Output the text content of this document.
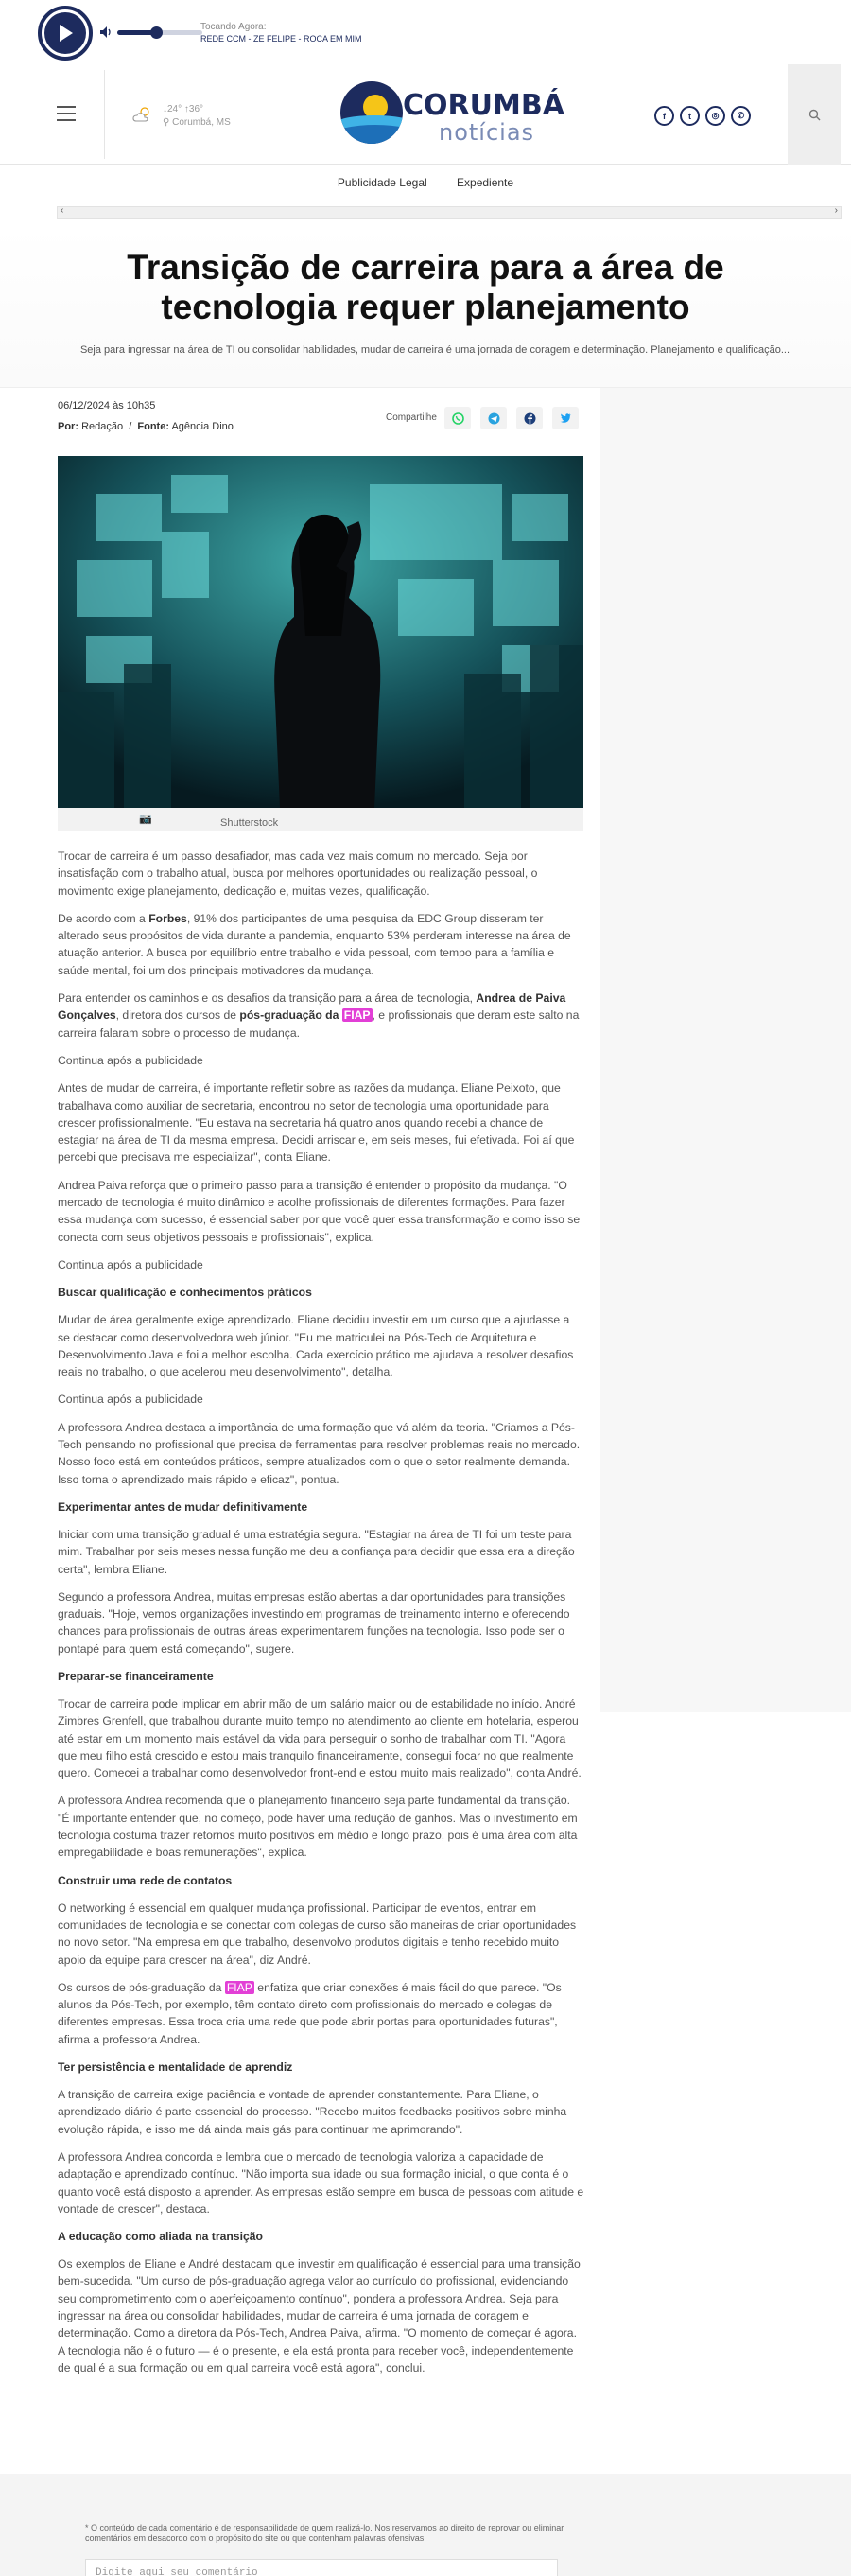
Tocando Agora:
REDE CCM - ZE FELIPE - ROCA EM MIM
↓24° ↑36°
⚲ Corumbá, MS
CORUMBÁ
notícias
f	t	◎	✆
Publicidade Legal	Expediente
‹	›
Transição de carreira para a área de tecnologia requer planejamento
Seja para ingressar na área de TI ou consolidar habilidades, mudar de carreira é uma jornada de coragem e determinação. Planejamento e qualificação...
06/12/2024 às 10h35
Por: Redação  /  Fonte: Agência Dino
Compartilhe
📷	Shutterstock

Trocar de carreira é um passo desafiador, mas cada vez mais comum no mercado. Seja por insatisfação com o trabalho atual, busca por melhores oportunidades ou realização pessoal, o movimento exige planejamento, dedicação e, muitas vezes, qualificação.

De acordo com a Forbes, 91% dos participantes de uma pesquisa da EDC Group disseram ter alterado seus propósitos de vida durante a pandemia, enquanto 53% perderam interesse na área de atuação anterior. A busca por equilíbrio entre trabalho e vida pessoal, com tempo para a família e saúde mental, foi um dos principais motivadores da mudança.

Para entender os caminhos e os desafios da transição para a área de tecnologia, Andrea de Paiva Gonçalves, diretora dos cursos de pós-graduação da FIAP , e profissionais que deram este salto na carreira falaram sobre o processo de mudança.

Continua após a publicidade

Antes de mudar de carreira, é importante refletir sobre as razões da mudança. Eliane Peixoto, que trabalhava como auxiliar de secretaria, encontrou no setor de tecnologia uma oportunidade para crescer profissionalmente. "Eu estava na secretaria há quatro anos quando recebi a chance de estagiar na área de TI da mesma empresa. Decidi arriscar e, em seis meses, fui efetivada. Foi aí que percebi que precisava me especializar", conta Eliane.

Andrea Paiva reforça que o primeiro passo para a transição é entender o propósito da mudança. "O mercado de tecnologia é muito dinâmico e acolhe profissionais de diferentes formações. Para fazer essa mudança com sucesso, é essencial saber por que você quer essa transformação e como isso se conecta com seus objetivos pessoais e profissionais", explica.

Continua após a publicidade

Buscar qualificação e conhecimentos práticos

Mudar de área geralmente exige aprendizado. Eliane decidiu investir em um curso que a ajudasse a se destacar como desenvolvedora web júnior. "Eu me matriculei na Pós-Tech de Arquitetura e Desenvolvimento Java e foi a melhor escolha. Cada exercício prático me ajudava a resolver desafios reais no trabalho, o que acelerou meu desenvolvimento", detalha.

Continua após a publicidade

A professora Andrea destaca a importância de uma formação que vá além da teoria. "Criamos a Pós-Tech pensando no profissional que precisa de ferramentas para resolver problemas reais no mercado. Nosso foco está em conteúdos práticos, sempre atualizados com o que o setor realmente demanda. Isso torna o aprendizado mais rápido e eficaz", pontua.

Experimentar antes de mudar definitivamente

Iniciar com uma transição gradual é uma estratégia segura. "Estagiar na área de TI foi um teste para mim. Trabalhar por seis meses nessa função me deu a confiança para decidir que essa era a direção certa", lembra Eliane.

Segundo a professora Andrea, muitas empresas estão abertas a dar oportunidades para transições graduais. "Hoje, vemos organizações investindo em programas de treinamento interno e oferecendo chances para profissionais de outras áreas experimentarem funções na tecnologia. Isso pode ser o pontapé para quem está começando", sugere.

Preparar-se financeiramente

Trocar de carreira pode implicar em abrir mão de um salário maior ou de estabilidade no início. André Zimbres Grenfell, que trabalhou durante muito tempo no atendimento ao cliente em hotelaria, esperou até estar em um momento mais estável da vida para perseguir o sonho de trabalhar com TI. "Agora que meu filho está crescido e estou mais tranquilo financeiramente, consegui focar no que realmente quero. Comecei a trabalhar como desenvolvedor front-end e estou muito mais realizado", conta André.

A professora Andrea recomenda que o planejamento financeiro seja parte fundamental da transição. "É importante entender que, no começo, pode haver uma redução de ganhos. Mas o investimento em tecnologia costuma trazer retornos muito positivos em médio e longo prazo, pois é uma área com alta empregabilidade e boas remunerações", explica.

Construir uma rede de contatos

O networking é essencial em qualquer mudança profissional. Participar de eventos, entrar em comunidades de tecnologia e se conectar com colegas de curso são maneiras de criar oportunidades no novo setor. "Na empresa em que trabalho, desenvolvo produtos digitais e tenho recebido muito apoio da equipe para crescer na área", diz André.

Os cursos de pós-graduação da FIAP enfatiza que criar conexões é mais fácil do que parece. "Os alunos da Pós-Tech, por exemplo, têm contato direto com profissionais do mercado e colegas de diferentes empresas. Essa troca cria uma rede que pode abrir portas para oportunidades futuras", afirma a professora Andrea.

Ter persistência e mentalidade de aprendiz

A transição de carreira exige paciência e vontade de aprender constantemente. Para Eliane, o aprendizado diário é parte essencial do processo. "Recebo muitos feedbacks positivos sobre minha evolução rápida, e isso me dá ainda mais gás para continuar me aprimorando".

A professora Andrea concorda e lembra que o mercado de tecnologia valoriza a capacidade de adaptação e aprendizado contínuo. "Não importa sua idade ou sua formação inicial, o que conta é o quanto você está disposto a aprender. As empresas estão sempre em busca de pessoas com atitude e vontade de crescer", destaca.

A educação como aliada na transição

Os exemplos de Eliane e André destacam que investir em qualificação é essencial para uma transição bem-sucedida. "Um curso de pós-graduação agrega valor ao currículo do profissional, evidenciando seu comprometimento com o aperfeiçoamento contínuo", pondera a professora Andrea. Seja para ingressar na área ou consolidar habilidades, mudar de carreira é uma jornada de coragem e determinação. Como a diretora da Pós-Tech, Andrea Paiva, afirma. "O momento de começar é agora. A tecnologia não é o futuro — é o presente, e ela está pronta para receber você, independentemente de qual é a sua formação ou em qual carreira você está agora", conclui.

* O conteúdo de cada comentário é de responsabilidade de quem realizá-lo. Nos reservamos ao direito de reprovar ou eliminar comentários em desacordo com o propósito do site ou que contenham palavras ofensivas.
Digite aqui seu comentário
